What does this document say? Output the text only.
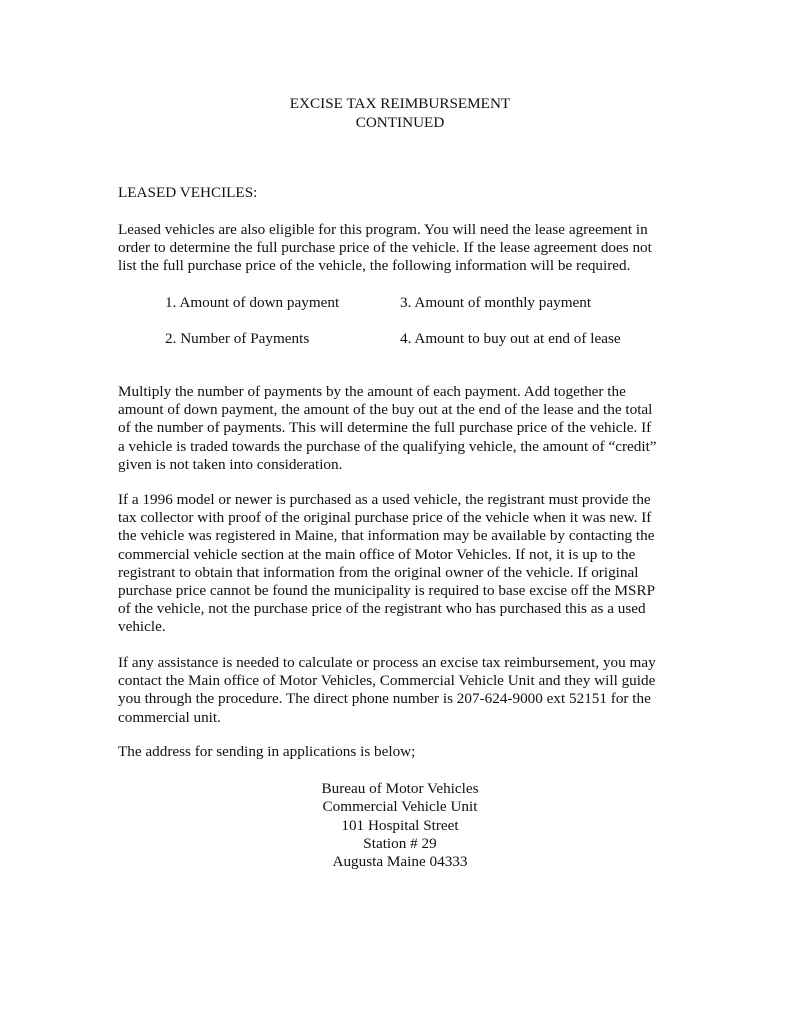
EXCISE TAX REIMBURSEMENT
CONTINUED
LEASED VEHCILES:

Leased vehicles are also eligible for this program. You will need the lease agreement in
order to determine the full purchase price of the vehicle. If the lease agreement does not
list the full purchase price of the vehicle, the following information will be required.

1. Amount of down payment	3. Amount of monthly payment
2. Number of Payments	4. Amount to buy out at end of lease

Multiply the number of payments by the amount of each payment. Add together the
amount of down payment, the amount of the buy out at the end of the lease and the total
of the number of payments. This will determine the full purchase price of the vehicle. If
a vehicle is traded towards the purchase of the qualifying vehicle, the amount of “credit”
given is not taken into consideration.

If a 1996 model or newer is purchased as a used vehicle, the registrant must provide the
tax collector with proof of the original purchase price of the vehicle when it was new. If
the vehicle was registered in Maine, that information may be available by contacting the
commercial vehicle section at the main office of Motor Vehicles. If not, it is up to the
registrant to obtain that information from the original owner of the vehicle. If original
purchase price cannot be found the municipality is required to base excise off the MSRP
of the vehicle, not the purchase price of the registrant who has purchased this as a used
vehicle.

If any assistance is needed to calculate or process an excise tax reimbursement, you may
contact the Main office of Motor Vehicles, Commercial Vehicle Unit and they will guide
you through the procedure. The direct phone number is 207-624-9000 ext 52151 for the
commercial unit.

The address for sending in applications is below;

Bureau of Motor Vehicles
Commercial Vehicle Unit
101 Hospital Street
Station # 29
Augusta Maine 04333
